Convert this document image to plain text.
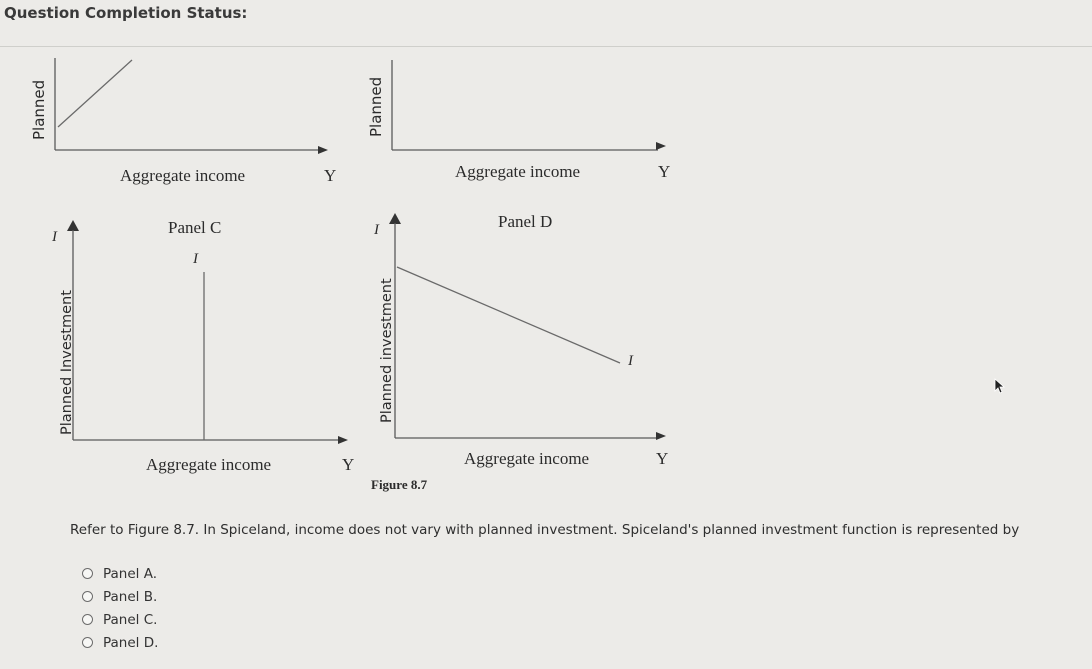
Question Completion Status:
Planned
Aggregate income	Y
Planned
Aggregate income	Y
I	Panel C
I
Planned Investment
Aggregate income	Y
I	Panel D
I
Planned investment
Aggregate income	Y
Figure 8.7
Refer to Figure 8.7. In Spiceland, income does not vary with planned investment. Spiceland's planned investment function is represented by
Panel A.
Panel B.
Panel C.
Panel D.
